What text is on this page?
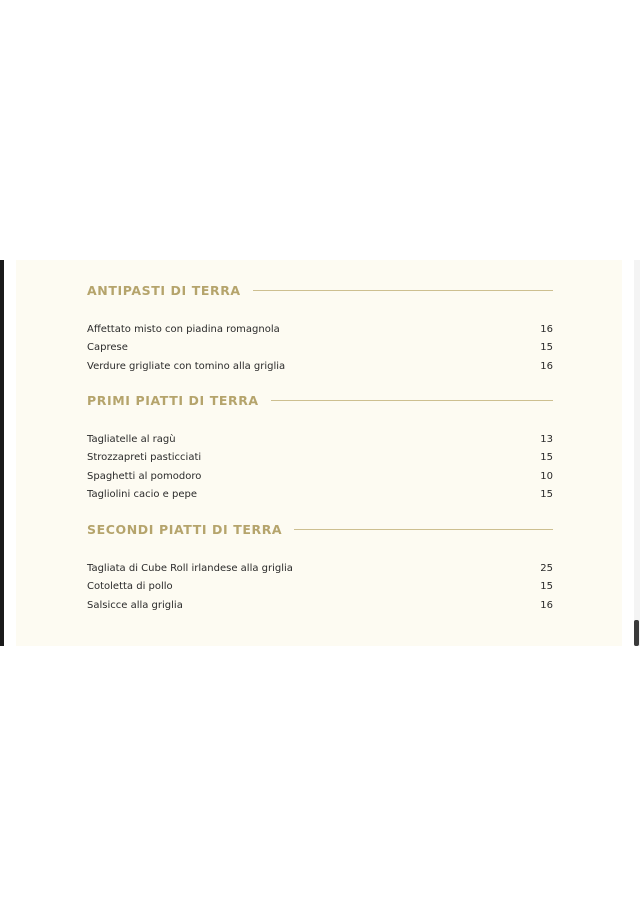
ANTIPASTI DI TERRA
Affettato misto con piadina romagnola	16
Caprese	15
Verdure grigliate con tomino alla griglia	16
PRIMI PIATTI DI TERRA
Tagliatelle al ragù	13
Strozzapreti pasticciati	15
Spaghetti al pomodoro	10
Tagliolini cacio e pepe	15
SECONDI PIATTI DI TERRA
Tagliata di Cube Roll irlandese alla griglia	25
Cotoletta di pollo	15
Salsicce alla griglia	16
